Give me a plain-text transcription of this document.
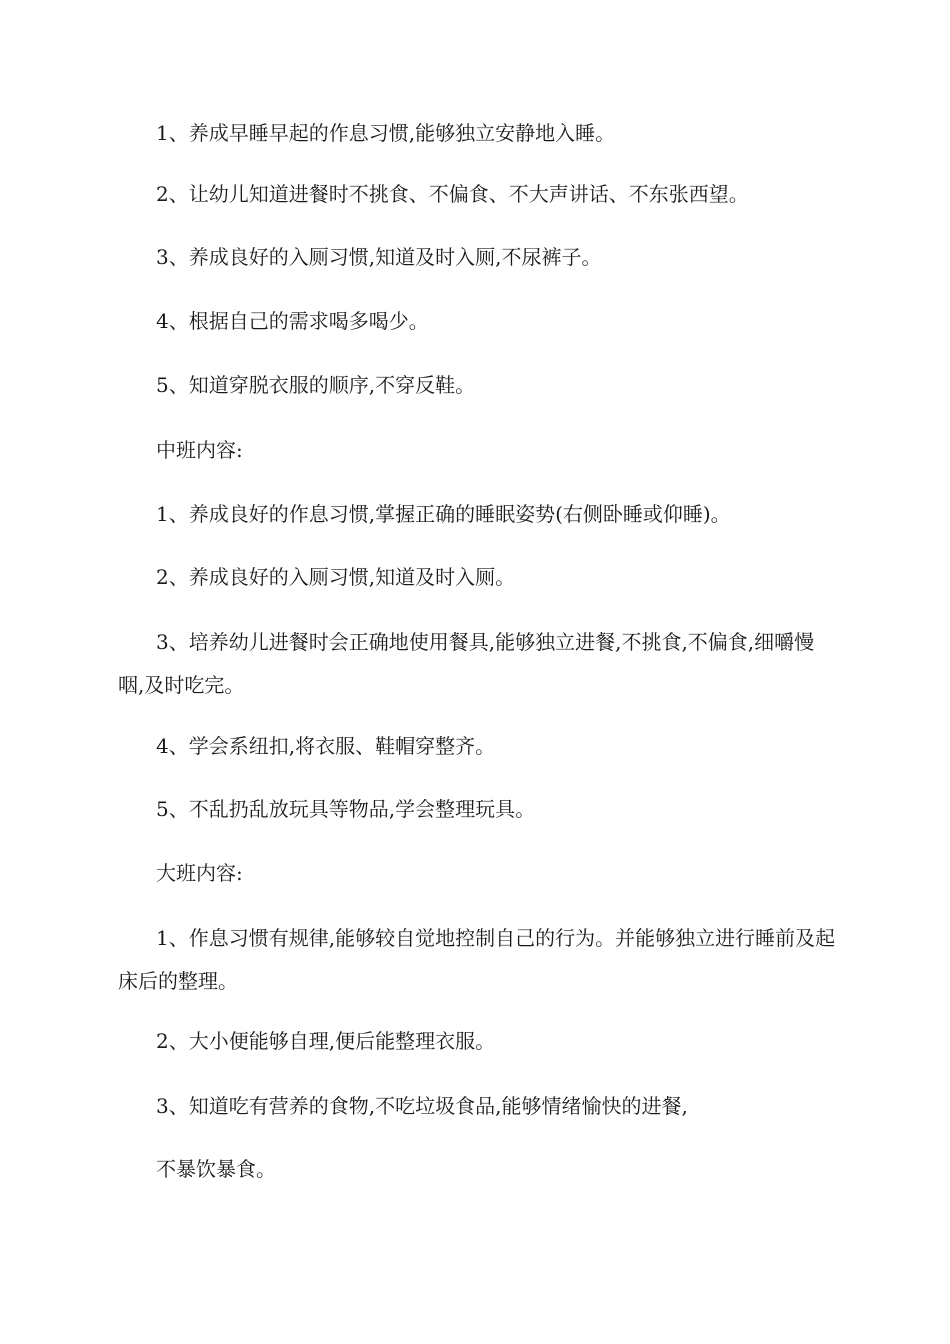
1、养成早睡早起的作息习惯,能够独立安静地入睡。

2、让幼儿知道进餐时不挑食、不偏食、不大声讲话、不东张西望。

3、养成良好的入厕习惯,知道及时入厕,不尿裤子。

4、根据自己的需求喝多喝少。

5、知道穿脱衣服的顺序,不穿反鞋。

中班内容:

1、养成良好的作息习惯,掌握正确的睡眠姿势(右侧卧睡或仰睡)。

2、养成良好的入厕习惯,知道及时入厕。

3、培养幼儿进餐时会正确地使用餐具,能够独立进餐,不挑食,不偏食,细嚼慢咽,及时吃完。

4、学会系纽扣,将衣服、鞋帽穿整齐。

5、不乱扔乱放玩具等物品,学会整理玩具。

大班内容:

1、作息习惯有规律,能够较自觉地控制自己的行为。并能够独立进行睡前及起床后的整理。

2、大小便能够自理,便后能整理衣服。

3、知道吃有营养的食物,不吃垃圾食品,能够情绪愉快的进餐,

不暴饮暴食。
